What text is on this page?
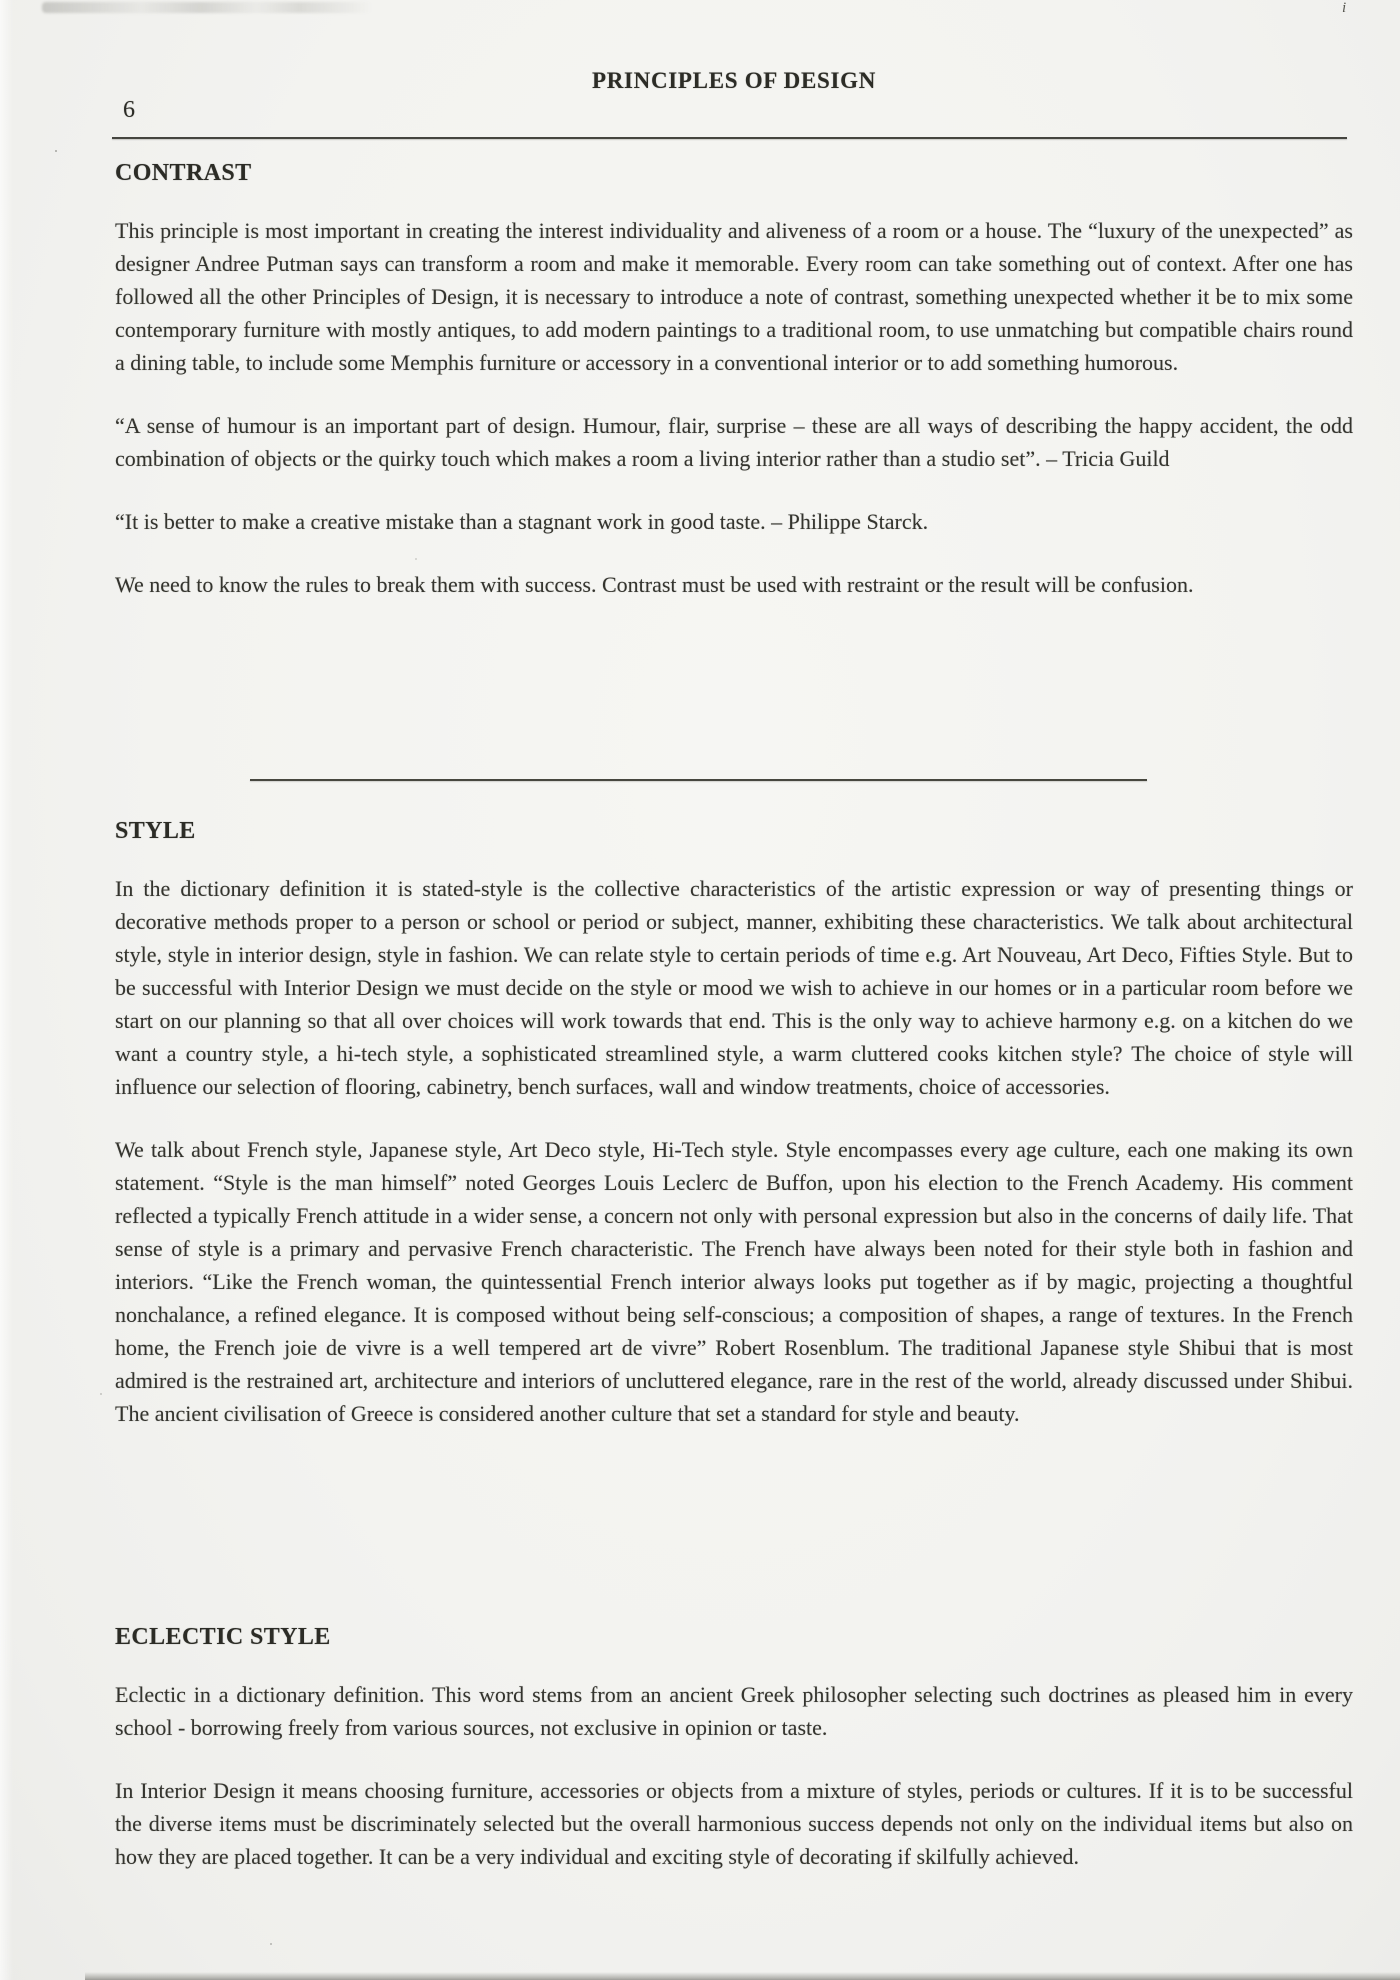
i
PRINCIPLES OF DESIGN
6
CONTRAST

This principle is most important in creating the interest individuality and aliveness of a room or a house. The “luxury of the unexpected” as designer Andree Putman says can transform a room and make it memorable. Every room can take something out of context. After one has followed all the other Principles of Design, it is necessary to introduce a note of contrast, something unexpected whether it be to mix some contemporary furniture with mostly antiques, to add modern paintings to a traditional room, to use unmatching but compatible chairs round a dining table, to include some Memphis furniture or accessory in a conventional interior or to add something humorous.

“A sense of humour is an important part of design. Humour, flair, surprise – these are all ways of describing the happy accident, the odd combination of objects or the quirky touch which makes a room a living interior rather than a studio set”. – Tricia Guild

“It is better to make a creative mistake than a stagnant work in good taste. – Philippe Starck.

We need to know the rules to break them with success. Contrast must be used with restraint or the result will be confusion.

STYLE

In the dictionary definition it is stated-style is the collective characteristics of the artistic expression or way of presenting things or decorative methods proper to a person or school or period or subject, manner, exhibiting these characteristics. We talk about architectural style, style in interior design, style in fashion. We can relate style to certain periods of time e.g. Art Nouveau, Art Deco, Fifties Style. But to be successful with Interior Design we must decide on the style or mood we wish to achieve in our homes or in a particular room before we start on our planning so that all over choices will work towards that end. This is the only way to achieve harmony e.g. on a kitchen do we want a country style, a hi-tech style, a sophisticated streamlined style, a warm cluttered cooks kitchen style? The choice of style will influence our selection of flooring, cabinetry, bench surfaces, wall and window treatments, choice of accessories.

We talk about French style, Japanese style, Art Deco style, Hi-Tech style. Style encompasses every age culture, each one making its own statement. “Style is the man himself” noted Georges Louis Leclerc de Buffon, upon his election to the French Academy. His comment reflected a typically French attitude in a wider sense, a concern not only with personal expression but also in the concerns of daily life. That sense of style is a primary and pervasive French characteristic. The French have always been noted for their style both in fashion and interiors. “Like the French woman, the quintessential French interior always looks put together as if by magic, projecting a thoughtful nonchalance, a refined elegance. It is composed without being self-conscious; a composition of shapes, a range of textures. In the French home, the French joie de vivre is a well tempered art de vivre” Robert Rosenblum. The traditional Japanese style Shibui that is most admired is the restrained art, architecture and interiors of uncluttered elegance, rare in the rest of the world, already discussed under Shibui. The ancient civilisation of Greece is considered another culture that set a standard for style and beauty.

ECLECTIC STYLE

Eclectic in a dictionary definition. This word stems from an ancient Greek philosopher selecting such doctrines as pleased him in every school - borrowing freely from various sources, not exclusive in opinion or taste.

In Interior Design it means choosing furniture, accessories or objects from a mixture of styles, periods or cultures. If it is to be successful the diverse items must be discriminately selected but the overall harmonious success depends not only on the individual items but also on how they are placed together. It can be a very individual and exciting style of decorating if skilfully achieved.
